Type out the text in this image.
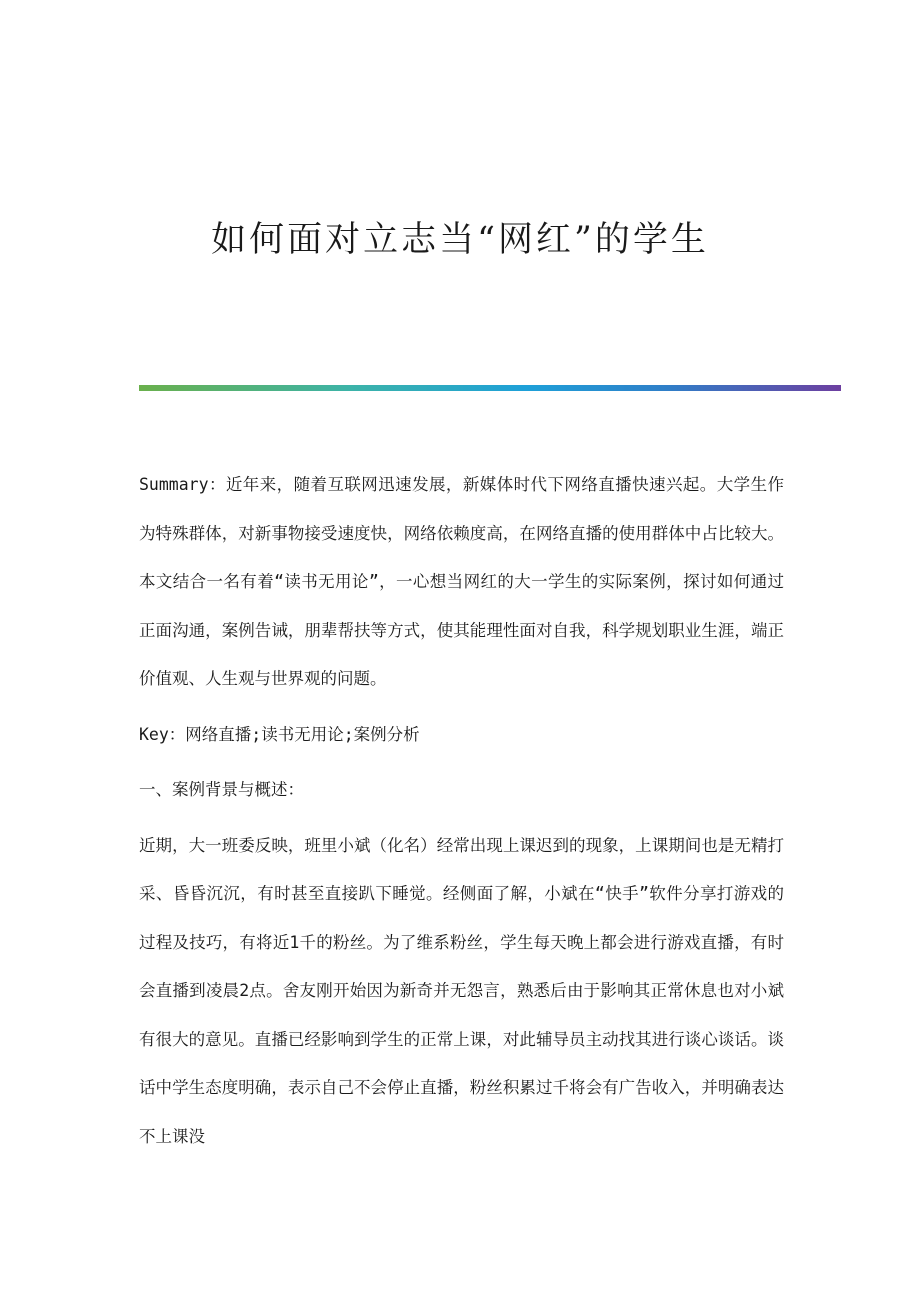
如何面对立志当“网红”的学生

Summary：近年来，随着互联网迅速发展，新媒体时代下网络直播快速兴起。大学生作为特殊群体，对新事物接受速度快，网络依赖度高，在网络直播的使用群体中占比较大。本文结合一名有着“读书无用论”，一心想当网红的大一学生的实际案例，探讨如何通过正面沟通，案例告诫，朋辈帮扶等方式，使其能理性面对自我，科学规划职业生涯，端正价值观、人生观与世界观的问题。

Key：网络直播;读书无用论;案例分析

一、案例背景与概述：

近期，大一班委反映，班里小斌（化名）经常出现上课迟到的现象，上课期间也是无精打采、昏昏沉沉，有时甚至直接趴下睡觉。经侧面了解，小斌在“快手”软件分享打游戏的过程及技巧，有将近1千的粉丝。为了维系粉丝，学生每天晚上都会进行游戏直播，有时会直播到凌晨2点。舍友刚开始因为新奇并无怨言，熟悉后由于影响其正常休息也对小斌有很大的意见。直播已经影响到学生的正常上课，对此辅导员主动找其进行谈心谈话。谈话中学生态度明确，表示自己不会停止直播，粉丝积累过千将会有广告收入，并明确表达不上课没
